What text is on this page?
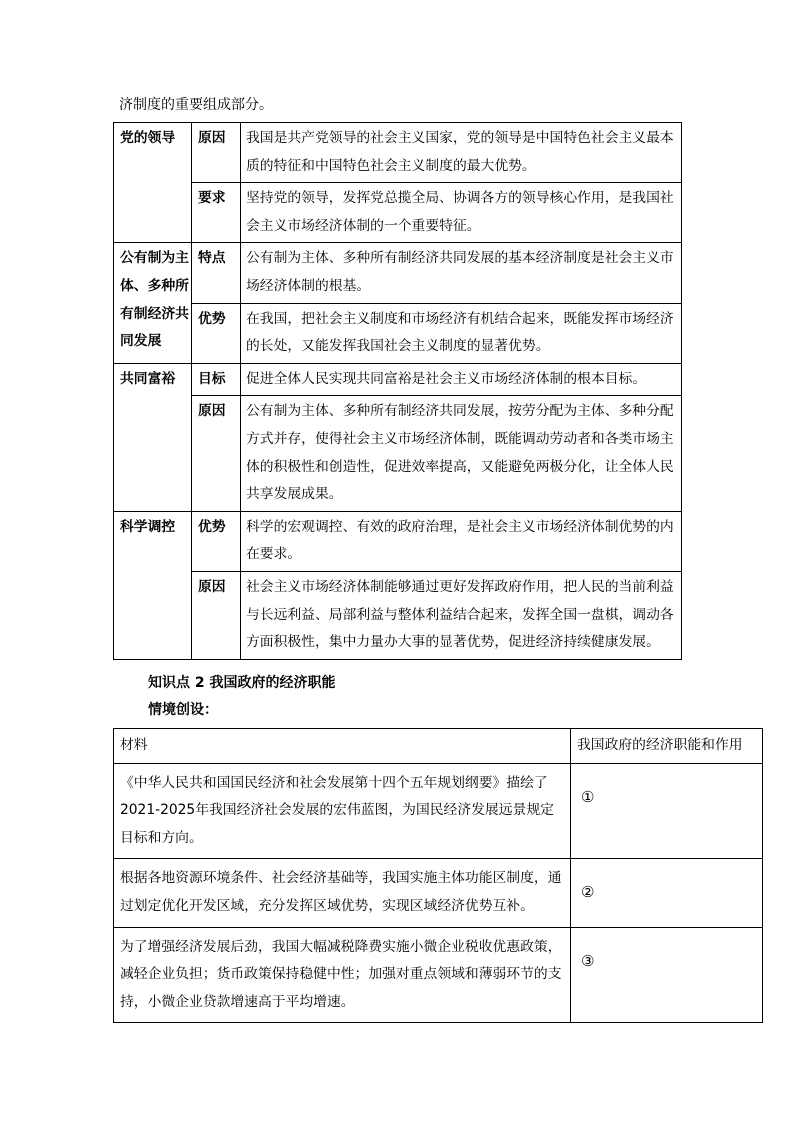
济制度的重要组成部分。
党的领导	原因	我国是共产党领导的社会主义国家，党的领导是中国特色社会主义最本质的特征和中国特色社会主义制度的最大优势。
	要求	坚持党的领导，发挥党总揽全局、协调各方的领导核心作用，是我国社会主义市场经济体制的一个重要特征。
公有制为主体、多种所有制经济共同发展	特点	公有制为主体、多种所有制经济共同发展的基本经济制度是社会主义市场经济体制的根基。
	优势	在我国，把社会主义制度和市场经济有机结合起来，既能发挥市场经济的长处，又能发挥我国社会主义制度的显著优势。
共同富裕	目标	促进全体人民实现共同富裕是社会主义市场经济体制的根本目标。
	原因	公有制为主体、多种所有制经济共同发展，按劳分配为主体、多种分配方式并存，使得社会主义市场经济体制，既能调动劳动者和各类市场主体的积极性和创造性，促进效率提高，又能避免两极分化，让全体人民共享发展成果。
科学调控	优势	科学的宏观调控、有效的政府治理，是社会主义市场经济体制优势的内在要求。
	原因	社会主义市场经济体制能够通过更好发挥政府作用，把人民的当前利益与长远利益、局部利益与整体利益结合起来，发挥全国一盘棋，调动各方面积极性，集中力量办大事的显著优势，促进经济持续健康发展。
知识点 2 我国政府的经济职能
情境创设：
材料	我国政府的经济职能和作用
《中华人民共和国国民经济和社会发展第十四个五年规划纲要》描绘了2021-2025年我国经济社会发展的宏伟蓝图，为国民经济发展远景规定目标和方向。	①
根据各地资源环境条件、社会经济基础等，我国实施主体功能区制度，通过划定优化开发区域，充分发挥区域优势，实现区域经济优势互补。	②
为了增强经济发展后劲，我国大幅减税降费实施小微企业税收优惠政策，减轻企业负担；货币政策保持稳健中性；加强对重点领域和薄弱环节的支持，小微企业贷款增速高于平均增速。	③
